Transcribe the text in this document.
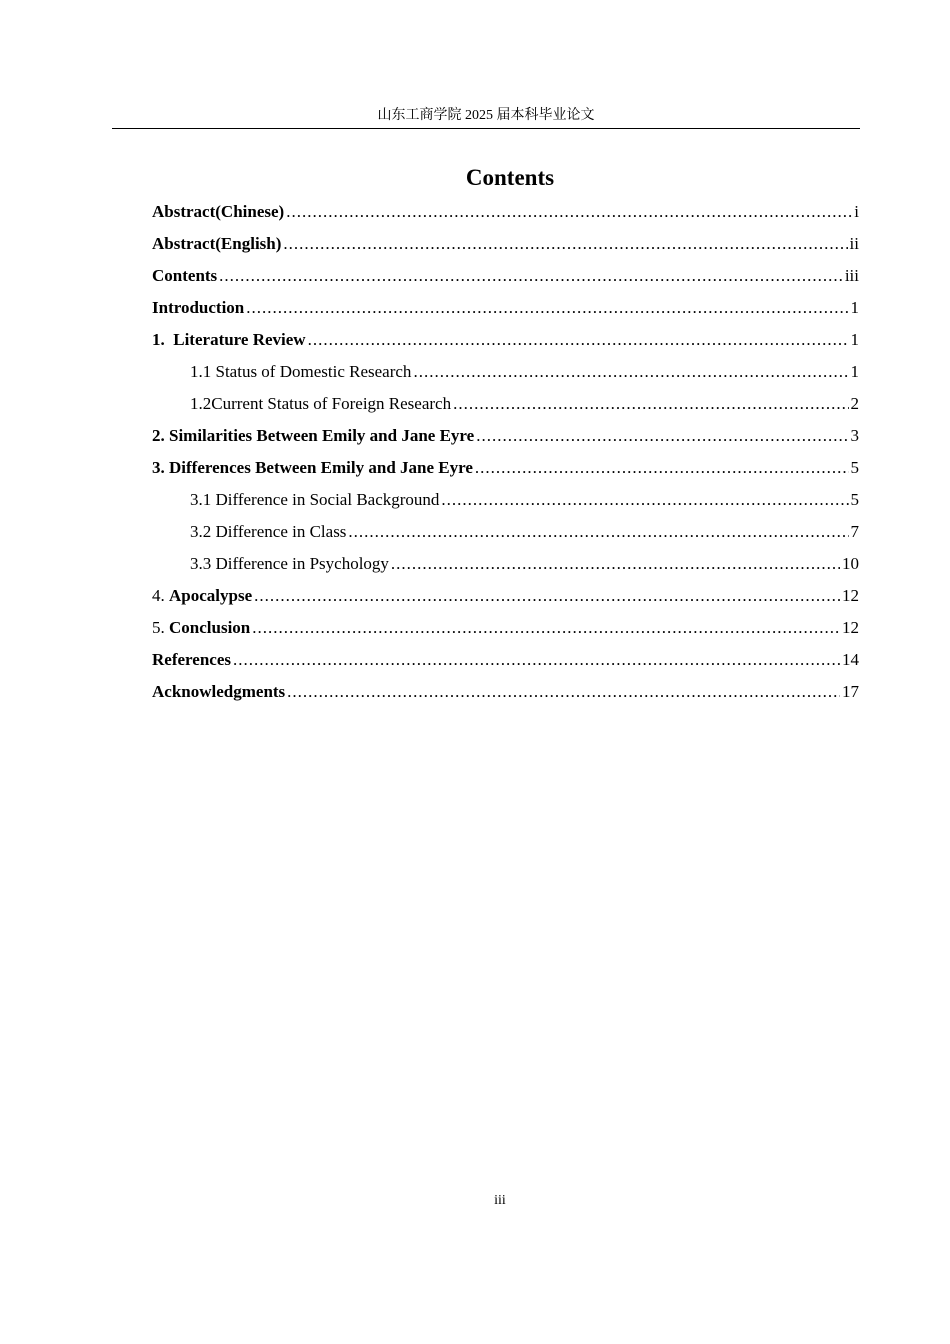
山东工商学院 2025 届本科毕业论文
Contents
Abstract(Chinese) .....	i
Abstract(English) .....	ii
Contents .....	iii
Introduction .....	1
1.  Literature Review .....	1
1.1 Status of Domestic Research .....	1
1.2Current Status of Foreign Research .....	2
2. Similarities Between Emily and Jane Eyre .....	3
3. Differences Between Emily and Jane Eyre .....	5
3.1 Difference in Social Background .....	5
3.2 Difference in Class .....	7
3.3 Difference in Psychology .....	10
4. Apocalypse .....	12
5. Conclusion .....	12
References .....	14
Acknowledgments .....	17
iii
